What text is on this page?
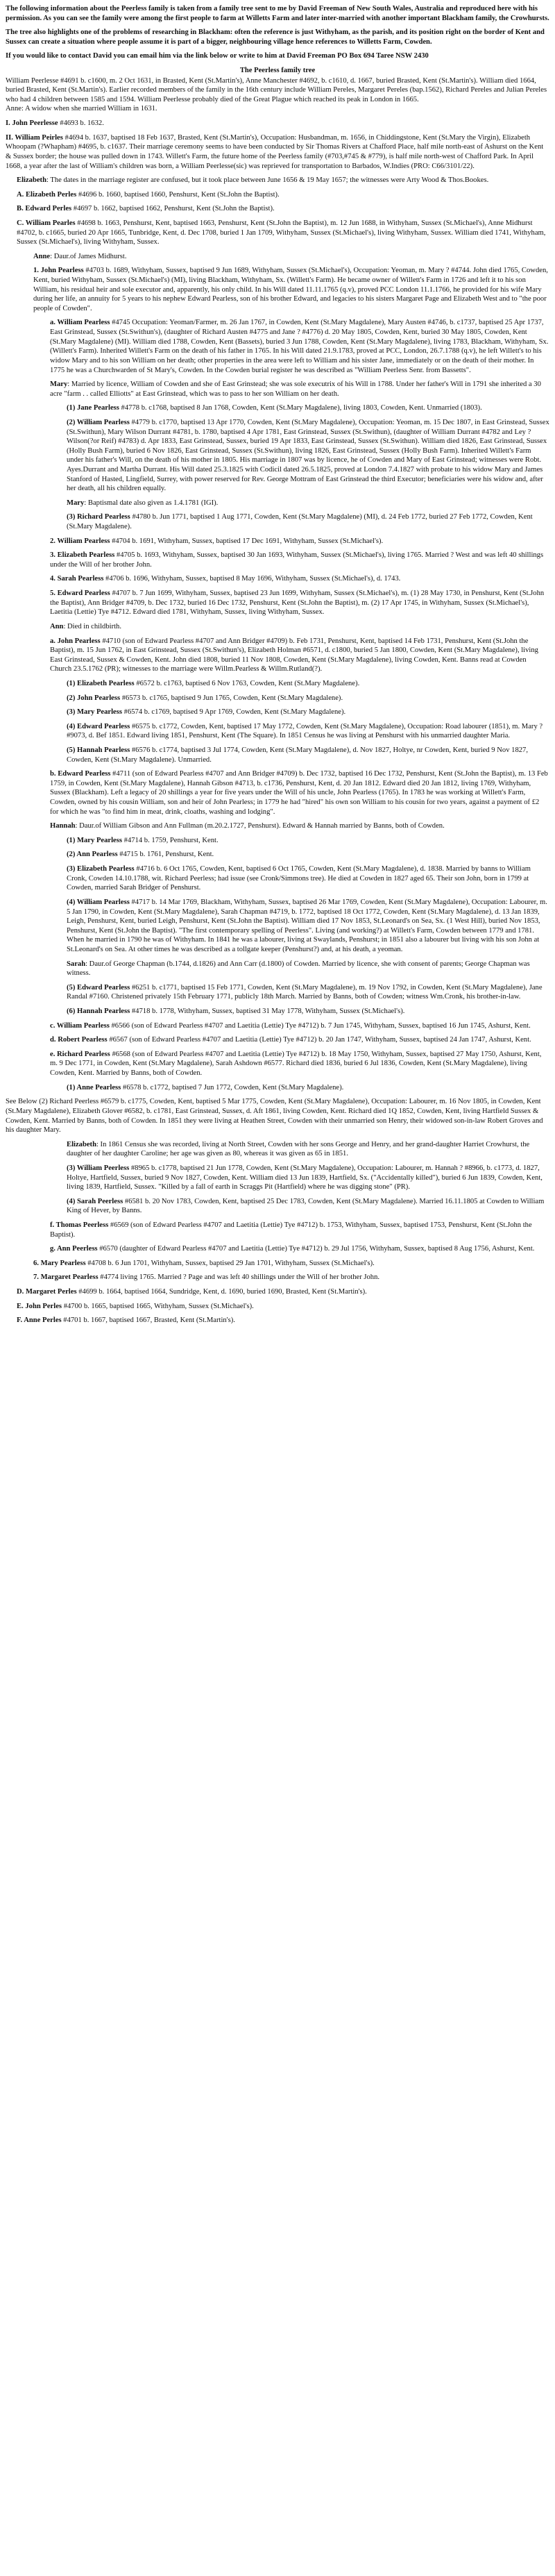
The following information about the Peerless family is taken from a family tree sent to me by David Freeman of New South Wales, Australia and reproduced here with his permission. As you can see the family were among the first people to farm at Willetts Farm and later inter-married with another important Blackham family, the Crowhursts.

The tree also highlights one of the problems of researching in Blackham: often the reference is just Withyham, as the parish, and its position right on the border of Kent and Sussex can create a situation where people assume it is part of a bigger, neighbouring village hence references to Willetts Farm, Cowden.

If you would like to contact David you can email him via the link below or write to him at David Freeman PO Box 694 Taree NSW 2430

The Peerless family tree

William Peerlesse #4691 b. c1600, m. 2 Oct 1631, in Brasted, Kent (St.Martin's), Anne Manchester #4692, b. c1610, d. 1667, buried Brasted, Kent (St.Martin's). William died 1664, buried Brasted, Kent (St.Martin's). Earlier recorded members of the family in the 16th century include William Pereles, Margaret Pereles (bap.1562), Richard Pereles and Julian Pereles who had 4 children between 1585 and 1594. William Peerlesse probably died of the Great Plague which reached its peak in London in 1665.

Anne: A widow when she married William in 1631.

I. John Peerlesse #4693 b. 1632.

II. William Peirles #4694 b. 1637, baptised 18 Feb 1637, Brasted, Kent (St.Martin's), Occupation: Husbandman, m. 1656, in Chiddingstone, Kent (St.Mary the Virgin), Elizabeth Whoopam (?Whapham) #4695, b. c1637. Their marriage ceremony seems to have been conducted by Sir Thomas Rivers at Chafford Place, half mile north-east of Ashurst on the Kent & Sussex border; the house was pulled down in 1743. Willett's Farm, the future home of the Peerless family (#703,#745 & #779), is half mile north-west of Chafford Park. In April 1668, a year after the last of William's children was born, a William Peerlesse(sic) was reprieved for transportation to Barbados, W.Indies (PRO: C66/3101/22).

Elizabeth: The dates in the marriage register are confused, but it took place between June 1656 & 19 May 1657; the witnesses were Arty Wood & Thos.Bookes.

A. Elizabeth Perles #4696 b. 1660, baptised 1660, Penshurst, Kent (St.John the Baptist).

B. Edward Perles #4697 b. 1662, baptised 1662, Penshurst, Kent (St.John the Baptist).

C. William Pearles #4698 b. 1663, Penshurst, Kent, baptised 1663, Penshurst, Kent (St.John the Baptist), m. 12 Jun 1688, in Withyham, Sussex (St.Michael's), Anne Midhurst #4702, b. c1665, buried 20 Apr 1665, Tunbridge, Kent, d. Dec 1708, buried 1 Jan 1709, Withyham, Sussex (St.Michael's), living Withyham, Sussex. William died 1741, Withyham, Sussex (St.Michael's), living Withyham, Sussex.

Anne: Daur.of James Midhurst.

1. John Pearless #4703 b. 1689, Withyham, Sussex, baptised 9 Jun 1689, Withyham, Sussex (St.Michael's), Occupation: Yeoman, m. Mary ? #4744. John died 1765, Cowden, Kent, buried Withyham, Sussex (St.Michael's) (MI), living Blackham, Withyham, Sx. (Willett's Farm). He became owner of Willett's Farm in 1726 and left it to his son William, his residual heir and sole executor and, apparently, his only child. In his Will dated 11.11.1765 (q.v), proved PCC London 11.1.1766, he provided for his wife Mary during her life, an annuity for 5 years to his nephew Edward Pearless, son of his brother Edward, and legacies to his sisters Margaret Page and Elizabeth West and to "the poor people of Cowden".

a. William Pearless #4745 Occupation: Yeoman/Farmer, m. 26 Jan 1767, in Cowden, Kent (St.Mary Magdalene), Mary Austen #4746, b. c1737, baptised 25 Apr 1737, East Grinstead, Sussex (St.Swithun's), (daughter of Richard Austen #4775 and Jane ? #4776) d. 20 May 1805, Cowden, Kent, buried 30 May 1805, Cowden, Kent (St.Mary Magdalene) (MI). William died 1788, Cowden, Kent (Bassets), buried 3 Jun 1788, Cowden, Kent (St.Mary Magdalene), living 1783, Blackham, Withyham, Sx. (Willett's Farm). Inherited Willett's Farm on the death of his father in 1765. In his Will dated 21.9.1783, proved at PCC, London, 26.7.1788 (q.v), he left Willett's to his widow Mary and to his son William on her death; other properties in the area were left to William and his sister Jane, immediately or on the death of their mother. In 1775 he was a Churchwarden of St Mary's, Cowden. In the Cowden burial register he was described as "William Peerless Senr. from Bassetts".

Mary: Married by licence, William of Cowden and she of East Grinstead; she was sole executrix of his Will in 1788. Under her father's Will in 1791 she inherited a 30 acre "farm . . called Elliotts" at East Grinstead, which was to pass to her son William on her death.

(1) Jane Pearless #4778 b. c1768, baptised 8 Jan 1768, Cowden, Kent (St.Mary Magdalene), living 1803, Cowden, Kent. Unmarried (1803).

(2) William Pearless #4779 b. c1770, baptised 13 Apr 1770, Cowden, Kent (St.Mary Magdalene), Occupation: Yeoman, m. 15 Dec 1807, in East Grinstead, Sussex (St.Swithun), Mary Wilson Durrant #4781, b. 1780, baptised 4 Apr 1781, East Grinstead, Sussex (St.Swithun), (daughter of William Durrant #4782 and Ley ?Wilson(?or Reif) #4783) d. Apr 1833, East Grinstead, Sussex, buried 19 Apr 1833, East Grinstead, Sussex (St.Swithun). William died 1826, East Grinstead, Sussex (Holly Bush Farm), buried 6 Nov 1826, East Grinstead, Sussex (St.Swithun), living 1826, East Grinstead, Sussex (Holly Bush Farm). Inherited Willett's Farm under his father's Will, on the death of his mother in 1805. His marriage in 1807 was by licence, he of Cowden and Mary of East Grinstead; witnesses were Robt. Ayes.Durrant and Martha Durrant. His Will dated 25.3.1825 with Codicil dated 26.5.1825, proved at London 7.4.1827 with probate to his widow Mary and James Stanford of Hasted, Lingfield, Surrey, with power reserved for Rev. George Mottram of East Grinstead the third Executor; beneficiaries were his widow and, after her death, all his children equally.

Mary: Baptismal date also given as 1.4.1781 (IGI).

(3) Richard Pearless #4780 b. Jun 1771, baptised 1 Aug 1771, Cowden, Kent (St.Mary Magdalene) (MI), d. 24 Feb 1772, buried 27 Feb 1772, Cowden, Kent (St.Mary Magdalene).

2. William Pearless #4704 b. 1691, Withyham, Sussex, baptised 17 Dec 1691, Withyham, Sussex (St.Michael's).

3. Elizabeth Pearless #4705 b. 1693, Withyham, Sussex, baptised 30 Jan 1693, Withyham, Sussex (St.Michael's), living 1765. Married ? West and was left 40 shillings under the Will of her brother John.

4. Sarah Pearless #4706 b. 1696, Withyham, Sussex, baptised 8 May 1696, Withyham, Sussex (St.Michael's), d. 1743.

5. Edward Pearless #4707 b. 7 Jun 1699, Withyham, Sussex, baptised 23 Jun 1699, Withyham, Sussex (St.Michael's), m. (1) 28 May 1730, in Penshurst, Kent (St.John the Baptist), Ann Bridger #4709, b. Dec 1732, buried 16 Dec 1732, Penshurst, Kent (St.John the Baptist), m. (2) 17 Apr 1745, in Withyham, Sussex (St.Michael's), Laetitia (Lettie) Tye #4712. Edward died 1781, Withyham, Sussex, living Withyham, Sussex.

Ann: Died in childbirth.

a. John Pearless #4710 (son of Edward Pearless #4707 and Ann Bridger #4709) b. Feb 1731, Penshurst, Kent, baptised 14 Feb 1731, Penshurst, Kent (St.John the Baptist), m. 15 Jun 1762, in East Grinstead, Sussex (St.Swithun's), Elizabeth Holman #6571, d. c1800, buried 5 Jan 1800, Cowden, Kent (St.Mary Magdalene), living East Grinstead, Sussex & Cowden, Kent. John died 1808, buried 11 Nov 1808, Cowden, Kent (St.Mary Magdalene), living Cowden, Kent. Banns read at Cowden Church 23.5.1762 (PR); witnesses to the marriage were Willm.Pearless & Willm.Rutland(?).

(1) Elizabeth Pearless #6572 b. c1763, baptised 6 Nov 1763, Cowden, Kent (St.Mary Magdalene).

(2) John Pearless #6573 b. c1765, baptised 9 Jun 1765, Cowden, Kent (St.Mary Magdalene).

(3) Mary Pearless #6574 b. c1769, baptised 9 Apr 1769, Cowden, Kent (St.Mary Magdalene).

(4) Edward Pearless #6575 b. c1772, Cowden, Kent, baptised 17 May 1772, Cowden, Kent (St.Mary Magdalene), Occupation: Road labourer (1851), m. Mary ? #9073, d. Bef 1851. Edward living 1851, Penshurst, Kent (The Square). In 1851 Census he was living at Penshurst with his unmarried daughter Maria.

(5) Hannah Pearless #6576 b. c1774, baptised 3 Jul 1774, Cowden, Kent (St.Mary Magdalene), d. Nov 1827, Holtye, nr Cowden, Kent, buried 9 Nov 1827, Cowden, Kent (St.Mary Magdalene). Unmarried.

b. Edward Pearless #4711 (son of Edward Pearless #4707 and Ann Bridger #4709) b. Dec 1732, baptised 16 Dec 1732, Penshurst, Kent (St.John the Baptist), m. 13 Feb 1759, in Cowden, Kent (St.Mary Magdalene), Hannah Gibson #4713, b. c1736, Penshurst, Kent, d. 20 Jan 1812. Edward died 20 Jan 1812, living 1769, Withyham, Sussex (Blackham). Left a legacy of 20 shillings a year for five years under the Will of his uncle, John Pearless (1765). In 1783 he was working at Willett's Farm, Cowden, owned by his cousin William, son and heir of John Pearless; in 1779 he had "hired" his own son William to his cousin for two years, against a payment of £2 for which he was "to find him in meat, drink, cloaths, washing and lodging".

Hannah: Daur.of William Gibson and Ann Fullman (m.20.2.1727, Penshurst). Edward & Hannah married by Banns, both of Cowden.

(1) Mary Pearless #4714 b. 1759, Penshurst, Kent.

(2) Ann Pearless #4715 b. 1761, Penshurst, Kent.

(3) Elizabeth Pearless #4716 b. 6 Oct 1765, Cowden, Kent, baptised 6 Oct 1765, Cowden, Kent (St.Mary Magdalene), d. 1838. Married by banns to William Cronk, Cowden 14.10.1788, wit. Richard Peerless; had issue (see Cronk/Simmons tree). He died at Cowden in 1827 aged 65. Their son John, born in 1799 at Cowden, married Sarah Bridger of Penshurst.

(4) William Pearless #4717 b. 14 Mar 1769, Blackham, Withyham, Sussex, baptised 26 Mar 1769, Cowden, Kent (St.Mary Magdalene), Occupation: Labourer, m. 5 Jan 1790, in Cowden, Kent (St.Mary Magdalene), Sarah Chapman #4719, b. 1772, baptised 18 Oct 1772, Cowden, Kent (St.Mary Magdalene), d. 13 Jan 1839, Leigh, Penshurst, Kent, buried Leigh, Penshurst, Kent (St.John the Baptist). William died 17 Nov 1853, St.Leonard's on Sea, Sx. (1 West Hill), buried Nov 1853, Penshurst, Kent (St.John the Baptist). "The first contemporary spelling of Peerless". Living (and working?) at Willett's Farm, Cowden between 1779 and 1781. When he married in 1790 he was of Withyham. In 1841 he was a labourer, living at Swaylands, Penshurst; in 1851 also a labourer but living with his son John at St.Leonard's on Sea. At other times he was described as a tollgate keeper (Penshurst?) and, at his death, a yeoman.

Sarah: Daur.of George Chapman (b.1744, d.1826) and Ann Carr (d.1800) of Cowden. Married by licence, she with consent of parents; George Chapman was witness.

(5) Edward Pearless #6251 b. c1771, baptised 15 Feb 1771, Cowden, Kent (St.Mary Magdalene), m. 19 Nov 1792, in Cowden, Kent (St.Mary Magdalene), Jane Randal #7160. Christened privately 15th February 1771, publicly 18th March. Married by Banns, both of Cowden; witness Wm.Cronk, his brother-in-law.

(6) Hannah Pearless #4718 b. 1778, Withyham, Sussex, baptised 31 May 1778, Withyham, Sussex (St.Michael's).

c. William Pearless #6566 (son of Edward Pearless #4707 and Laetitia (Lettie) Tye #4712) b. 7 Jun 1745, Withyham, Sussex, baptised 16 Jun 1745, Ashurst, Kent.

d. Robert Pearless #6567 (son of Edward Pearless #4707 and Laetitia (Lettie) Tye #4712) b. 20 Jan 1747, Withyham, Sussex, baptised 24 Jan 1747, Ashurst, Kent.

e. Richard Pearless #6568 (son of Edward Pearless #4707 and Laetitia (Lettie) Tye #4712) b. 18 May 1750, Withyham, Sussex, baptised 27 May 1750, Ashurst, Kent, m. 9 Dec 1771, in Cowden, Kent (St.Mary Magdalene), Sarah Ashdown #6577. Richard died 1836, buried 6 Jul 1836, Cowden, Kent (St.Mary Magdalene), living Cowden, Kent. Married by Banns, both of Cowden.

(1) Anne Pearless #6578 b. c1772, baptised 7 Jun 1772, Cowden, Kent (St.Mary Magdalene).

See Below (2) Richard Peerless #6579 b. c1775, Cowden, Kent, baptised 5 Mar 1775, Cowden, Kent (St.Mary Magdalene), Occupation: Labourer, m. 16 Nov 1805, in Cowden, Kent (St.Mary Magdalene), Elizabeth Glover #6582, b. c1781, East Grinstead, Sussex, d. Aft 1861, living Cowden, Kent. Richard died 1Q 1852, Cowden, Kent, living Hartfield Sussex & Cowden, Kent. Married by Banns, both of Cowden. In 1851 they were living at Heathen Street, Cowden with their unmarried son Henry, their widowed son-in-law Robert Groves and his daughter Mary.

Elizabeth: In 1861 Census she was recorded, living at North Street, Cowden with her sons George and Henry, and her grand-daughter Harriet Crowhurst, the daughter of her daughter Caroline; her age was given as 80, whereas it was given as 65 in 1851.

(3) William Peerless #8965 b. c1778, baptised 21 Jun 1778, Cowden, Kent (St.Mary Magdalene), Occupation: Labourer, m. Hannah ? #8966, b. c1773, d. 1827, Holtye, Hartfield, Sussex, buried 9 Nov 1827, Cowden, Kent. William died 13 Jun 1839, Hartfield, Sx. ("Accidentally killed"), buried 6 Jun 1839, Cowden, Kent, living 1839, Hartfield, Sussex. "Killed by a fall of earth in Scraggs Pit (Hartfield) where he was digging stone" (PR).

(4) Sarah Peerless #6581 b. 20 Nov 1783, Cowden, Kent, baptised 25 Dec 1783, Cowden, Kent (St.Mary Magdalene). Married 16.11.1805 at Cowden to William King of Hever, by Banns.

f. Thomas Peerless #6569 (son of Edward Pearless #4707 and Laetitia (Lettie) Tye #4712) b. 1753, Withyham, Sussex, baptised 1753, Penshurst, Kent (St.John the Baptist).

g. Ann Peerless #6570 (daughter of Edward Pearless #4707 and Laetitia (Lettie) Tye #4712) b. 29 Jul 1756, Withyham, Sussex, baptised 8 Aug 1756, Ashurst, Kent.

6. Mary Pearless #4708 b. 6 Jun 1701, Withyham, Sussex, baptised 29 Jan 1701, Withyham, Sussex (St.Michael's).

7. Margaret Pearless #4774 living 1765. Married ? Page and was left 40 shillings under the Will of her brother John.

D. Margaret Perles #4699 b. 1664, baptised 1664, Sundridge, Kent, d. 1690, buried 1690, Brasted, Kent (St.Martin's).

E. John Perles #4700 b. 1665, baptised 1665, Withyham, Sussex (St.Michael's).

F. Anne Perles #4701 b. 1667, baptised 1667, Brasted, Kent (St.Martin's).
